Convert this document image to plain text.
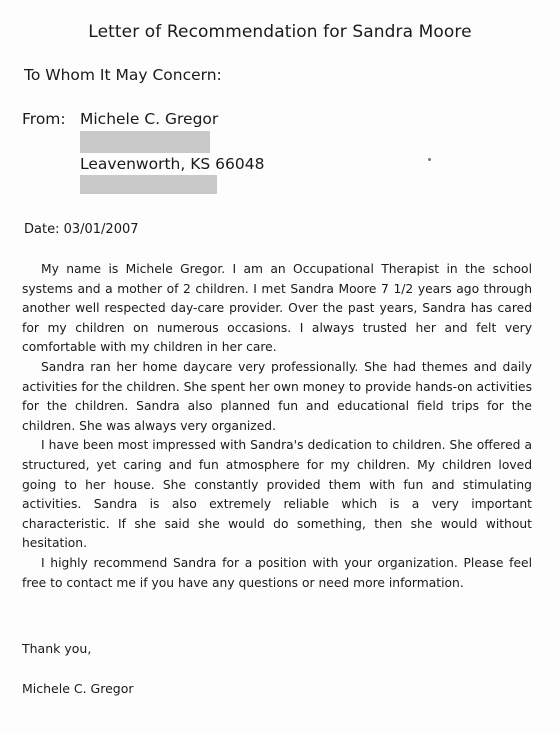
Letter of Recommendation for Sandra Moore
To Whom It May Concern:
From: Michele C. Gregor
Leavenworth, KS 66048
Date: 03/01/2007

My name is Michele Gregor. I am an Occupational Therapist in the school systems and a mother of 2 children. I met Sandra Moore 7 1/2 years ago through another well respected day-care provider. Over the past years, Sandra has cared for my children on numerous occasions. I always trusted her and felt very comfortable with my children in her care.

Sandra ran her home daycare very professionally. She had themes and daily activities for the children. She spent her own money to provide hands-on activities for the children. Sandra also planned fun and educational field trips for the children. She was always very organized.

I have been most impressed with Sandra's dedication to children. She offered a structured, yet caring and fun atmosphere for my children. My children loved going to her house. She constantly provided them with fun and stimulating activities. Sandra is also extremely reliable which is a very important characteristic. If she said she would do something, then she would without hesitation.

I highly recommend Sandra for a position with your organization. Please feel free to contact me if you have any questions or need more information.

Thank you,
Michele C. Gregor
